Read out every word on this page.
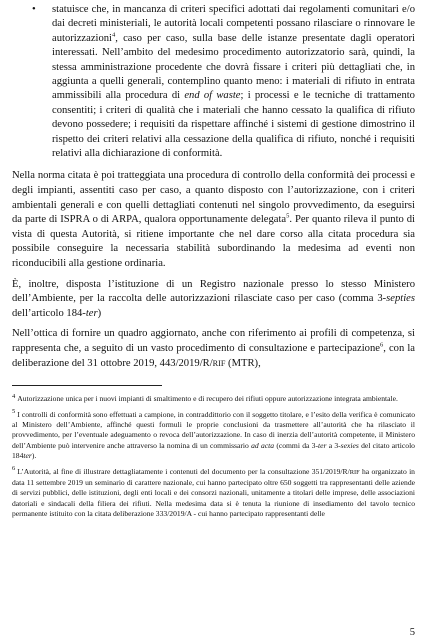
• statuisce che, in mancanza di criteri specifici adottati dai regolamenti comunitari e/o dai decreti ministeriali, le autorità locali competenti possano rilasciare o rinnovare le autorizzazioni$^4$, caso per caso, sulla base delle istanze presentate dagli operatori interessati. Nell’ambito del medesimo procedimento autorizzatorio sarà, quindi, la stessa amministrazione procedente che dovrà fissare i criteri più dettagliati che, in aggiunta a quelli generali, contemplino quanto meno: i materiali di rifiuto in entrata ammissibili alla procedura di end of waste; i processi e le tecniche di trattamento consentiti; i criteri di qualità che i materiali che hanno cessato la qualifica di rifiuto devono possedere; i requisiti da rispettare affinché i sistemi di gestione dimostrino il rispetto dei criteri relativi alla cessazione della qualifica di rifiuto, nonché i requisiti relativi alla dichiarazione di conformità.

Nella norma citata è poi tratteggiata una procedura di controllo della conformità dei processi e degli impianti, assentiti caso per caso, a quanto disposto con l’autorizzazione, con i criteri ambientali generali e con quelli dettagliati contenuti nel singolo provvedimento, da eseguirsi da parte di ISPRA o di ARPA, qualora opportunamente delegata$^5$. Per quanto rileva il punto di vista di questa Autorità, si ritiene importante che nel dare corso alla citata procedura sia possibile conseguire la necessaria stabilità subordinando la medesima ad eventi non riconducibili alla gestione ordinaria.

È, inoltre, disposta l’istituzione di un Registro nazionale presso lo stesso Ministero dell’Ambiente, per la raccolta delle autorizzazioni rilasciate caso per caso (comma 3-septies dell’articolo 184-ter)

Nell’ottica di fornire un quadro aggiornato, anche con riferimento ai profili di competenza, si rappresenta che, a seguito di un vasto procedimento di consultazione e partecipazione$^6$, con la deliberazione del 31 ottobre 2019, 443/2019/R/RIF (MTR),

4 Autorizzazione unica per i nuovi impianti di smaltimento e di recupero dei rifiuti oppure autorizzazione integrata ambientale.

5 I controlli di conformità sono effettuati a campione, in contraddittorio con il soggetto titolare, e l’esito della verifica è comunicato al Ministero dell’Ambiente, affinché questi formuli le proprie conclusioni da trasmettere all’autorità che ha rilasciato il provvedimento, per l’eventuale adeguamento o revoca dell’autorizzazione. In caso di inerzia dell’autorità competente, il Ministero dell’Ambiente può intervenire anche attraverso la nomina di un commissario ad acta (commi da 3-ter a 3-sexies del citato articolo 184ter).

6 L’Autorità, al fine di illustrare dettagliatamente i contenuti del documento per la consultazione 351/2019/R/RIF ha organizzato in data 11 settembre 2019 un seminario di carattere nazionale, cui hanno partecipato oltre 650 soggetti tra rappresentanti delle aziende di servizi pubblici, delle istituzioni, degli enti locali e dei consorzi nazionali, unitamente a titolari delle imprese, delle associazioni datoriali e sindacali della filiera dei rifiuti. Nella medesima data si è tenuta la riunione di insediamento del tavolo tecnico permanente istituito con la citata deliberazione 333/2019/A - cui hanno partecipato rappresentanti delle

5
